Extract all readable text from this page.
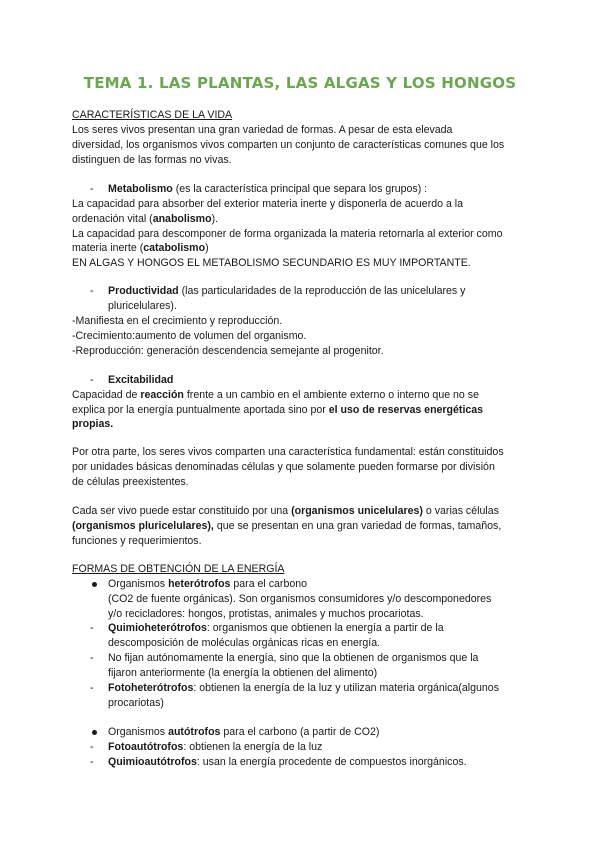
TEMA 1. LAS PLANTAS, LAS ALGAS Y LOS HONGOS
CARACTERÍSTICAS DE LA VIDA
Los seres vivos presentan una gran variedad de formas. A pesar de esta elevada
diversidad, los organismos vivos comparten un conjunto de características comunes que los
distinguen de las formas no vivas.
- Metabolismo (es la característica principal que separa los grupos) :
La capacidad para absorber del exterior materia inerte y disponerla de acuerdo a la
ordenación vital (anabolismo).
La capacidad para descomponer de forma organizada la materia retornarla al exterior como
materia inerte (catabolismo)
EN ALGAS Y HONGOS EL METABOLISMO SECUNDARIO ES MUY IMPORTANTE.
- Productividad (las particularidades de la reproducción de las unicelulares y
pluricelulares).
-Manifiesta en el crecimiento y reproducción.
-Crecimiento:aumento de volumen del organismo.
-Reproducción: generación descendencia semejante al progenitor.
- Excitabilidad
Capacidad de reacción frente a un cambio en el ambiente externo o interno que no se
explica por la energía puntualmente aportada sino por el uso de reservas energéticas
propias.
Por otra parte, los seres vivos comparten una característica fundamental: están constituidos
por unidades básicas denominadas células y que solamente pueden formarse por división
de células preexistentes.
Cada ser vivo puede estar constituido por una (organismos unicelulares) o varias células
(organismos pluricelulares), que se presentan en una gran variedad de formas, tamaños,
funciones y requerimientos.
FORMAS DE OBTENCIÓN DE LA ENERGÍA
Organismos heterótrofos para el carbono
(CO2 de fuente orgánicas). Son organismos consumidores y/o descomponedores
y/o recicladores: hongos, protistas, animales y muchos procariotas.
- Quimioheterótrofos: organismos que obtienen la energía a partir de la
descomposición de moléculas orgánicas ricas en energía.
- No fijan autónomamente la energía, sino que la obtienen de organismos que la
fijaron anteriormente (la energía la obtienen del alimento)
- Fotoheterótrofos: obtienen la energía de la luz y utilizan materia orgánica(algunos
procariotas)
Organismos autótrofos para el carbono (a partir de CO2)
- Fotoautótrofos: obtienen la energía de la luz
- Quimioautótrofos: usan la energía procedente de compuestos inorgánicos.
